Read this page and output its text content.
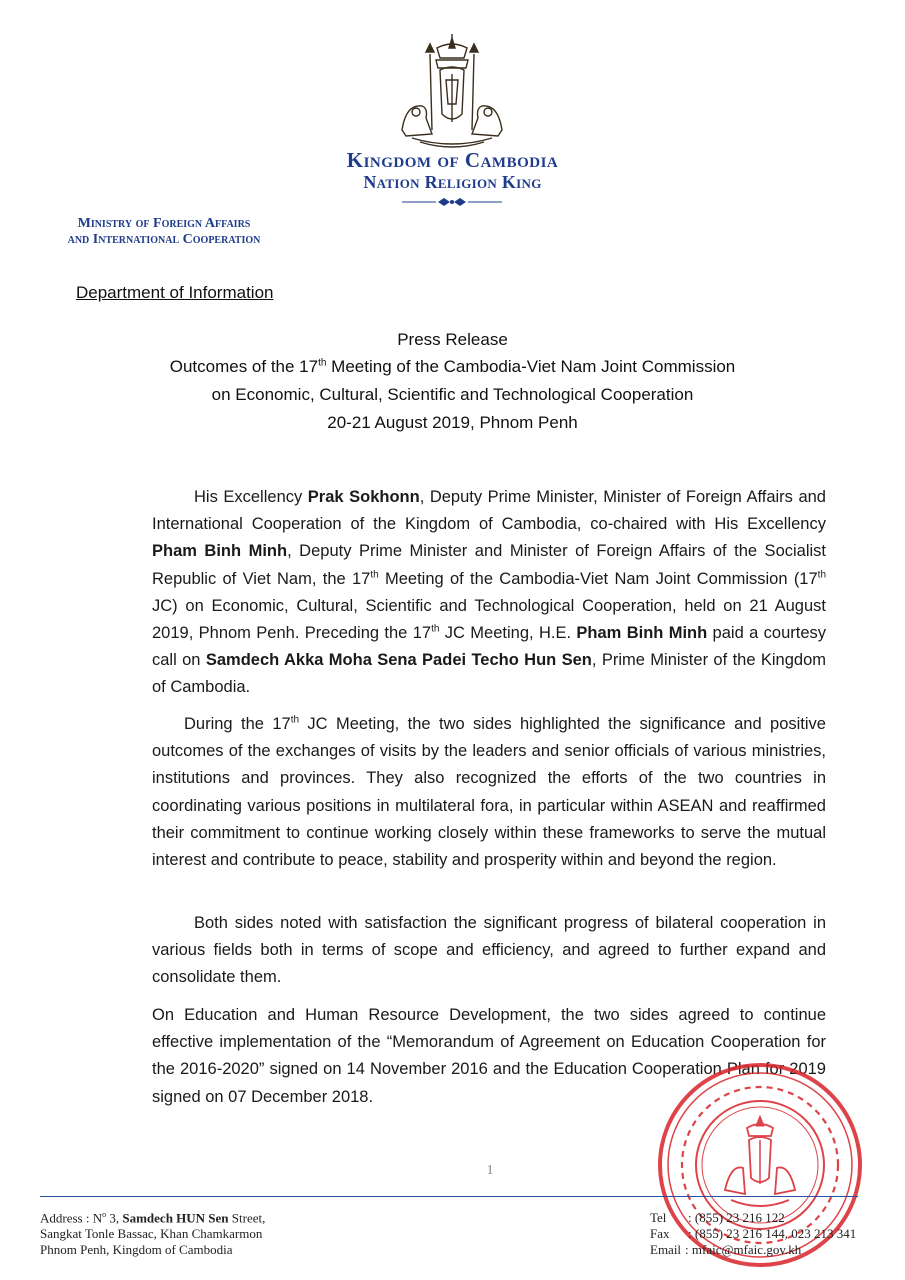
Kingdom of Cambodia
Nation Religion King
Ministry of Foreign Affairs
and International Cooperation
Department of Information
Press Release
Outcomes of the 17th Meeting of the Cambodia-Viet Nam Joint Commission
on Economic, Cultural, Scientific and Technological Cooperation
20-21 August 2019, Phnom Penh

His Excellency Prak Sokhonn, Deputy Prime Minister, Minister of Foreign Affairs and International Cooperation of the Kingdom of Cambodia, co-chaired with His Excellency Pham Binh Minh, Deputy Prime Minister and Minister of Foreign Affairs of the Socialist Republic of Viet Nam, the 17th Meeting of the Cambodia-Viet Nam Joint Commission (17th JC) on Economic, Cultural, Scientific and Technological Cooperation, held on 21 August 2019, Phnom Penh. Preceding the 17th JC Meeting, H.E. Pham Binh Minh paid a courtesy call on Samdech Akka Moha Sena Padei Techo Hun Sen, Prime Minister of the Kingdom of Cambodia.

During the 17th JC Meeting, the two sides highlighted the significance and positive outcomes of the exchanges of visits by the leaders and senior officials of various ministries, institutions and provinces. They also recognized the efforts of the two countries in coordinating various positions in multilateral fora, in particular within ASEAN and reaffirmed their commitment to continue working closely within these frameworks to serve the mutual interest and contribute to peace, stability and prosperity within and beyond the region.

Both sides noted with satisfaction the significant progress of bilateral cooperation in various fields both in terms of scope and efficiency, and agreed to further expand and consolidate them.

On Education and Human Resource Development, the two sides agreed to continue effective implementation of the “Memorandum of Agreement on Education Cooperation for the 2016-2020” signed on 14 November 2016 and the Education Cooperation Plan for 2019 signed on 07 December 2018.

1
Address : $N^o$ 3, Samdech HUN Sen Street,
Sangkat Tonle Bassac, Khan Chamkarmon
Phnom Penh, Kingdom of Cambodia
Tel	: (855) 23 216 122
Fax	: (855) 23 216 144, 023 213 341
Email : mfaic@mfaic.gov.kh
